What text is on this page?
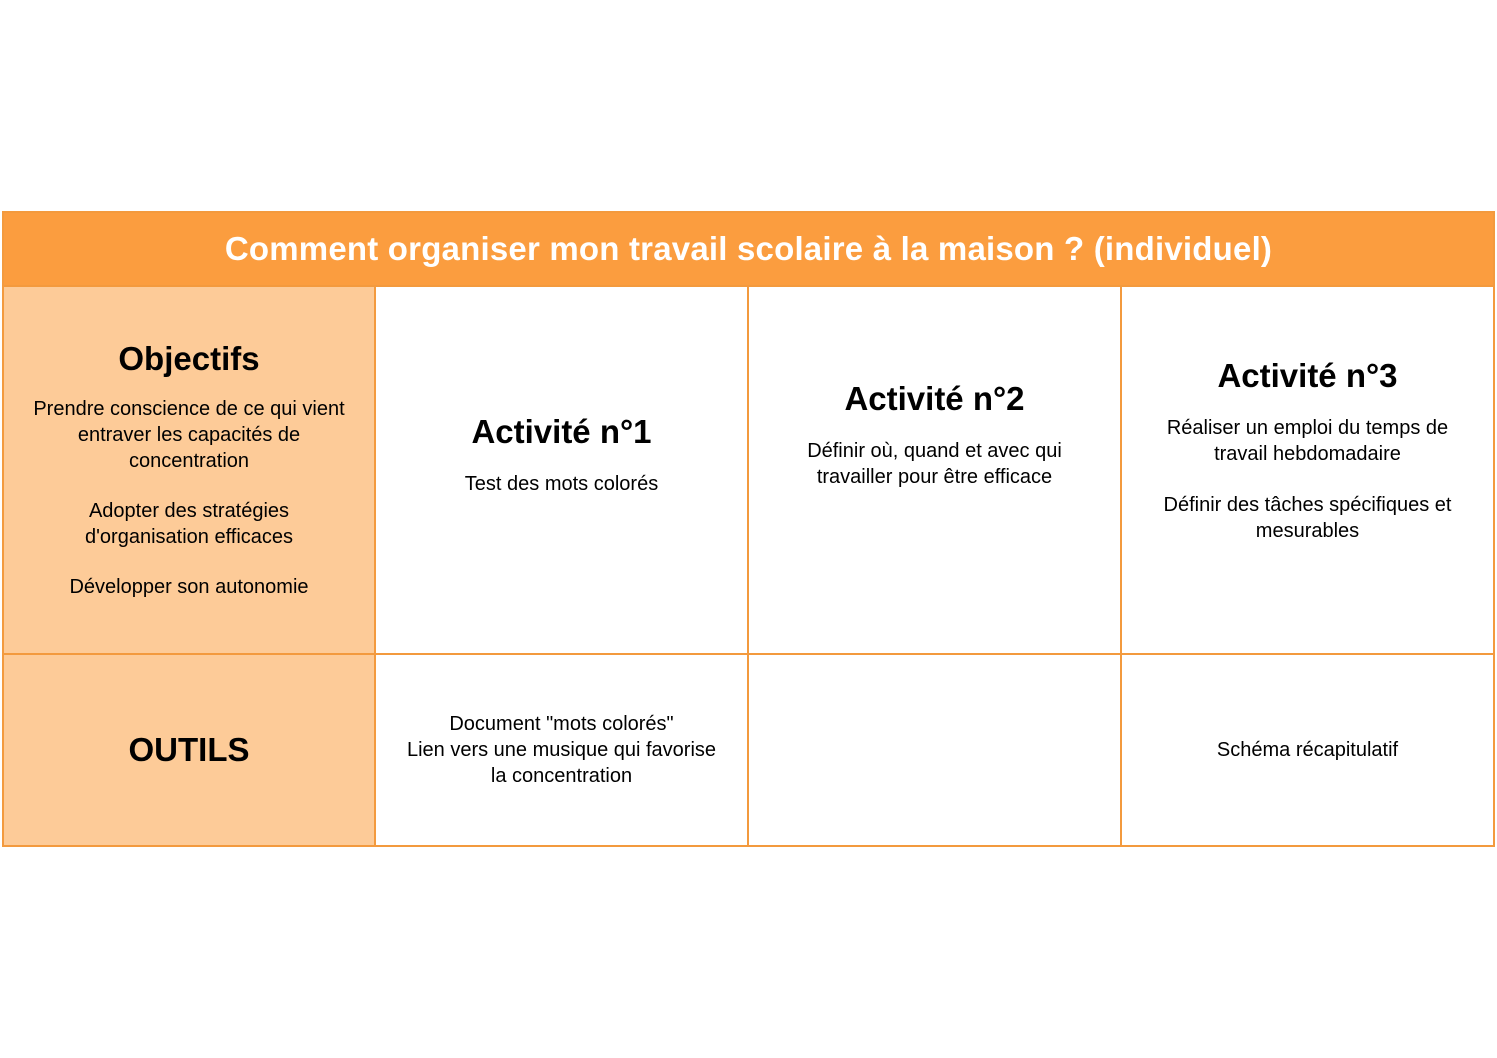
Comment organiser mon travail scolaire à la maison ? (individuel)
Objectifs
Prendre conscience de ce qui vient
entraver les capacités de
concentration
Adopter des stratégies
d'organisation efficaces
Développer son autonomie
Activité n°1
Test des mots colorés
Activité n°2
Définir où, quand et avec qui
travailler pour être efficace
Activité n°3
Réaliser un emploi du temps de
travail hebdomadaire
Définir des tâches spécifiques et
mesurables
OUTILS
Document "mots colorés"
Lien vers une musique qui favorise
la concentration
Schéma récapitulatif
